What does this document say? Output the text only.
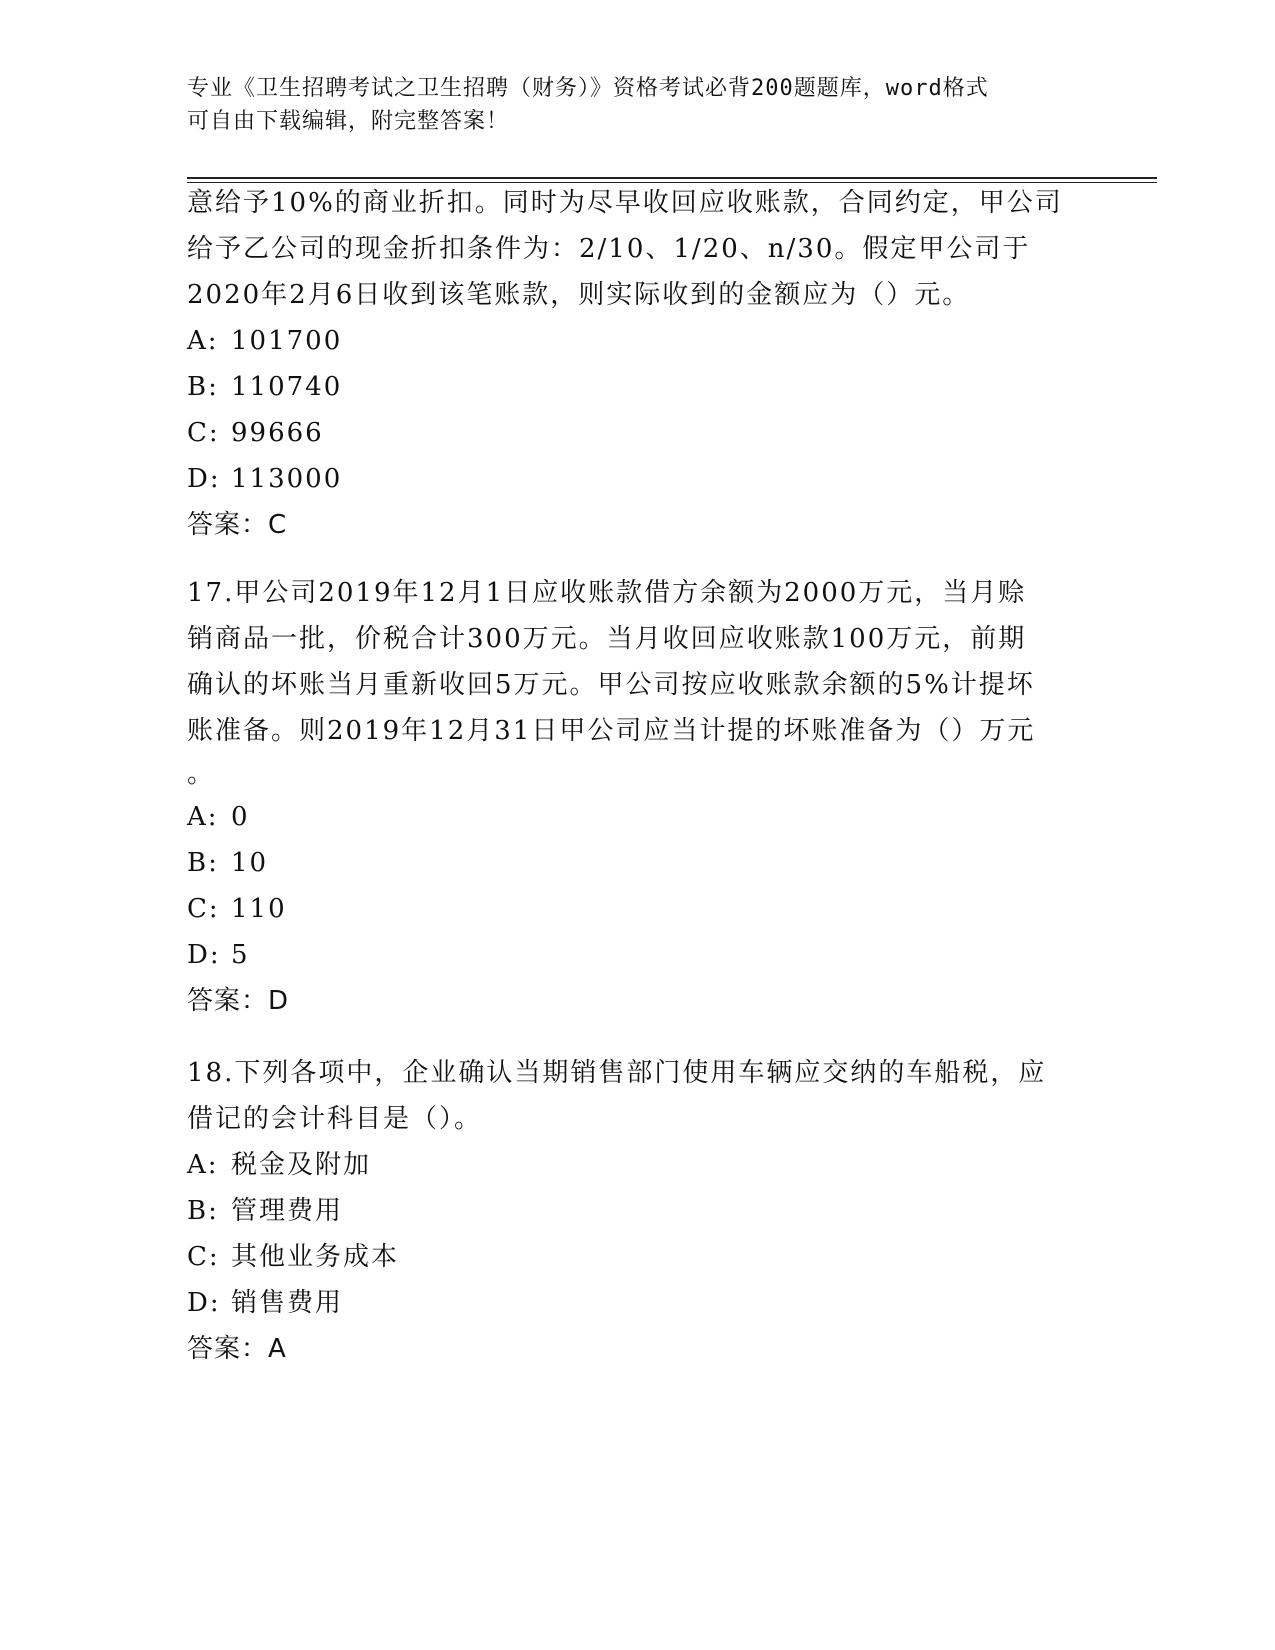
专业《卫生招聘考试之卫生招聘（财务）》资格考试必背200题题库，word格式
可自由下载编辑，附完整答案！
意给予10%的商业折扣。同时为尽早收回应收账款，合同约定，甲公司
给予乙公司的现金折扣条件为：2/10、1/20、n/30。假定甲公司于
2020年2月6日收到该笔账款，则实际收到的金额应为（）元。
A: 101700
B: 110740
C: 99666
D: 113000
答案：C
17.甲公司2019年12月1日应收账款借方余额为2000万元，当月赊
销商品一批，价税合计300万元。当月收回应收账款100万元，前期
确认的坏账当月重新收回5万元。甲公司按应收账款余额的5%计提坏
账准备。则2019年12月31日甲公司应当计提的坏账准备为（）万元
。
A: 0
B: 10
C: 110
D: 5
答案：D
18.下列各项中，企业确认当期销售部门使用车辆应交纳的车船税，应
借记的会计科目是（）。
A: 税金及附加
B: 管理费用
C: 其他业务成本
D: 销售费用
答案：A
